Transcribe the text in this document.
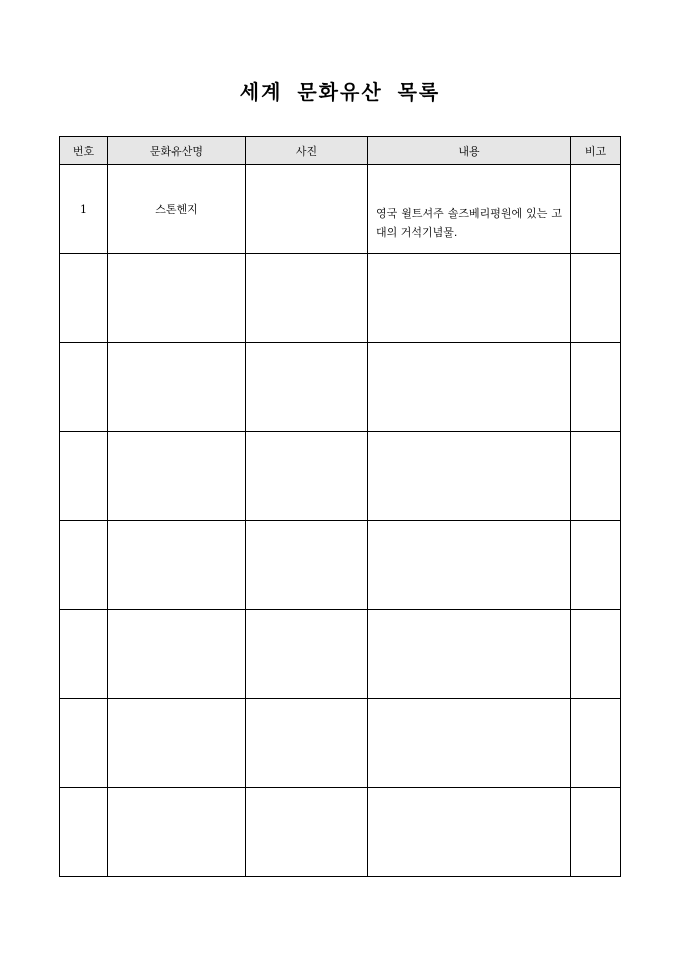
세계 문화유산 목록
번호	문화유산명	사진	내용	비고
1	스톤헨지		영국 윌트셔주 솔즈베리평원에 있는 고대의 거석기념물.	
